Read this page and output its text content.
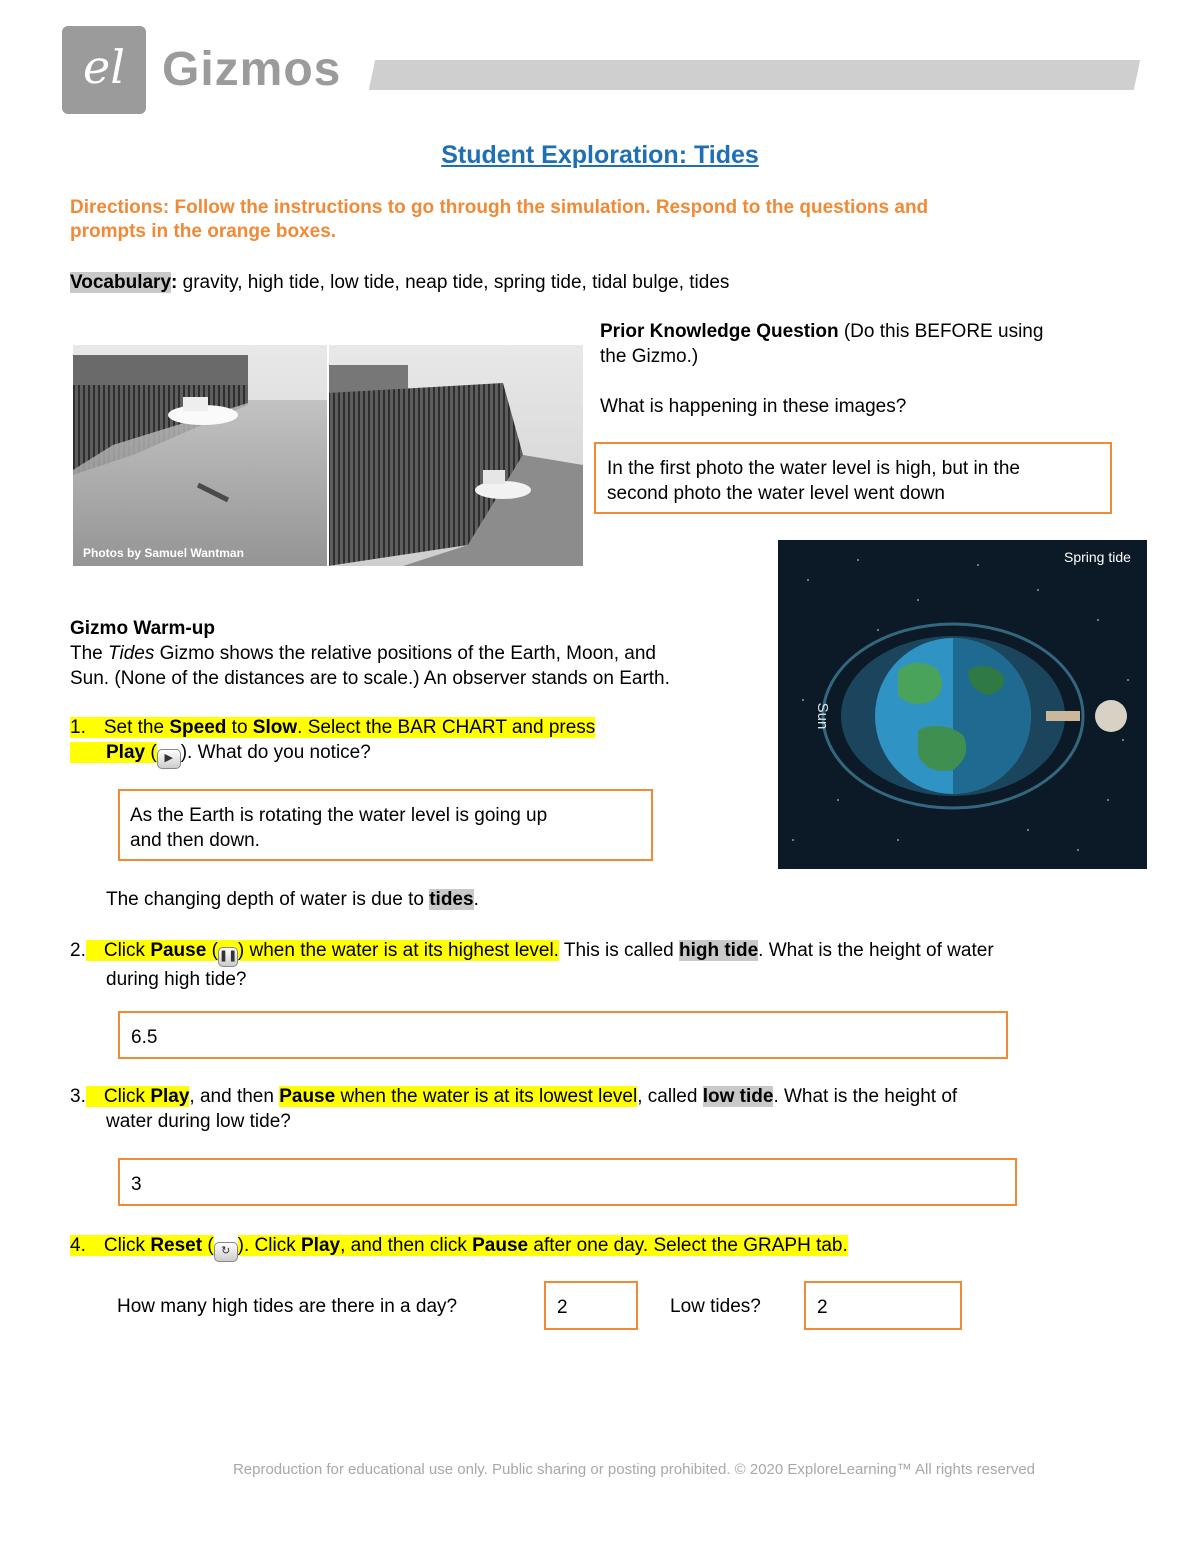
el Gizmos
Student Exploration: Tides
Directions: Follow the instructions to go through the simulation. Respond to the questions and
prompts in the orange boxes.
Vocabulary: gravity, high tide, low tide, neap tide, spring tide, tidal bulge, tides
Photos by Samuel Wantman
Prior Knowledge Question (Do this BEFORE using
the Gizmo.)
What is happening in these images?
In the first photo the water level is high, but in the
second photo the water level went down
Sun
Spring tide
Gizmo Warm-up
The Tides Gizmo shows the relative positions of the Earth, Moon, and
Sun. (None of the distances are to scale.) An observer stands on Earth.
1. Set the Speed to Slow. Select the BAR CHART and press
Play ( ▶ ). What do you notice?
As the Earth is rotating the water level is going up
and then down.
The changing depth of water is due to tides.
2. Click Pause (❚❚) when the water is at its highest level. This is called high tide. What is the height of water
during high tide?
6.5
3. Click Play, and then Pause when the water is at its lowest level, called low tide. What is the height of
water during low tide?
3
4. Click Reset ( ↻ ). Click Play, and then click Pause after one day. Select the GRAPH tab.
How many high tides are there in a day?	2	Low tides?	2
Reproduction for educational use only. Public sharing or posting prohibited. © 2020 ExploreLearning™ All rights reserved
